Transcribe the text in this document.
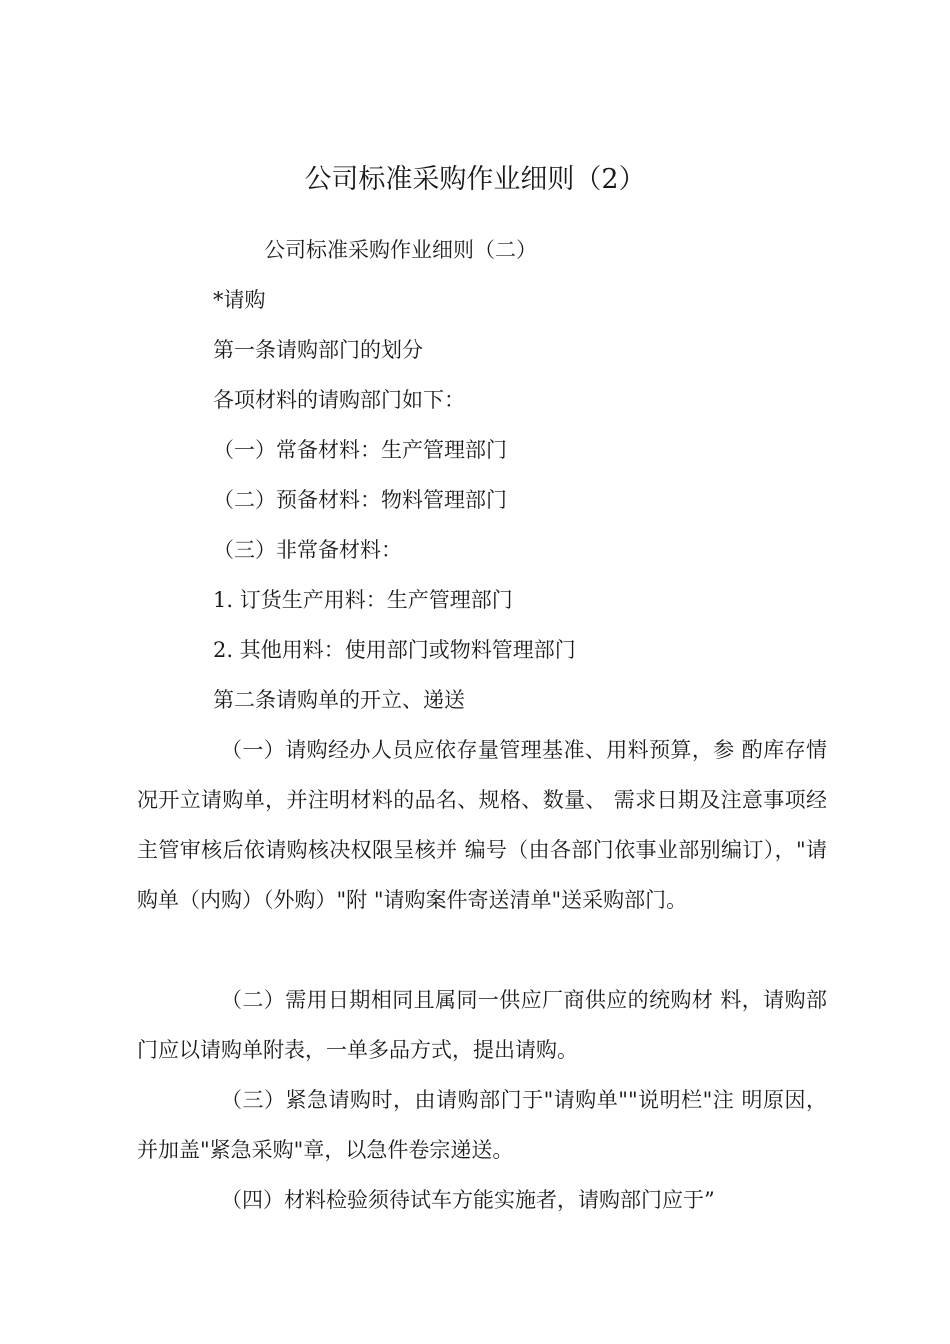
公司标准采购作业细则（2）
公司标准采购作业细则（二）
*请购
第一条请购部门的划分
各项材料的请购部门如下：
（一）常备材料：生产管理部门
（二）预备材料：物料管理部门
（三）非常备材料：
1. 订货生产用料：生产管理部门
2. 其他用料：使用部门或物料管理部门
第二条请购单的开立、递送

（一）请购经办人员应依存量管理基准、用料预算，参 酌库存情况开立请购单，并注明材料的品名、规格、数量、 需求日期及注意事项经主管审核后依请购核决权限呈核并 编号（由各部门依事业部别编订），"请购单（内购）（外购）"附 "请购案件寄送清单"送采购部门。

（二）需用日期相同且属同一供应厂商供应的统购材 料，请购部门应以请购单附表，一单多品方式，提出请购。

（三）紧急请购时，由请购部门于"请购单""说明栏"注 明原因，并加盖"紧急采购"章，以急件卷宗递送。

（四）材料检验须待试车方能实施者，请购部门应于”
